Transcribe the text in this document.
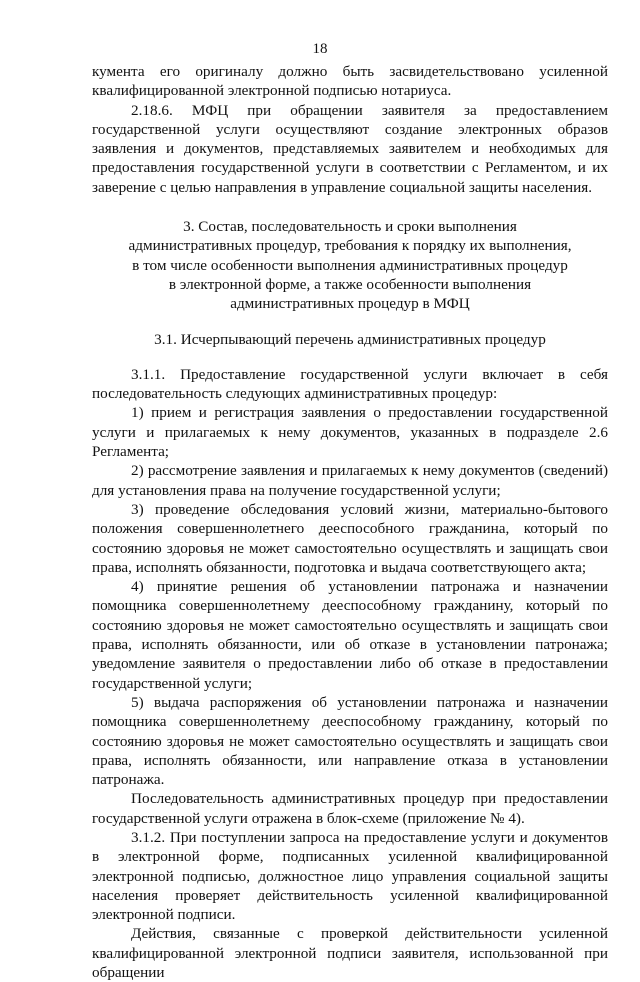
18

кумента его оригиналу должно быть засвидетельствовано усиленной квалифицированной электронной подписью нотариуса.

2.18.6. МФЦ при обращении заявителя за предоставлением государственной услуги осуществляют создание электронных образов заявления и документов, представляемых заявителем и необходимых для предоставления государственной услуги в соответствии с Регламентом, и их заверение с целью направления в управление социальной защиты населения.

3. Состав, последовательность и сроки выполнения
административных процедур, требования к порядку их выполнения,
в том числе особенности выполнения административных процедур
в электронной форме, а также особенности выполнения
административных процедур в МФЦ

3.1. Исчерпывающий перечень административных процедур

3.1.1. Предоставление государственной услуги включает в себя последовательность следующих административных процедур:

1) прием и регистрация заявления о предоставлении государственной услуги и прилагаемых к нему документов, указанных в подразделе 2.6 Регламента;

2) рассмотрение заявления и прилагаемых к нему документов (сведений) для установления права на получение государственной услуги;

3) проведение обследования условий жизни, материально-бытового положения совершеннолетнего дееспособного гражданина, который по состоянию здоровья не может самостоятельно осуществлять и защищать свои права, исполнять обязанности, подготовка и выдача соответствующего акта;

4) принятие решения об установлении патронажа и назначении помощника совершеннолетнему дееспособному гражданину, который по состоянию здоровья не может самостоятельно осуществлять и защищать свои права, исполнять обязанности, или об отказе в установлении патронажа; уведомление заявителя о предоставлении либо об отказе в предоставлении государственной услуги;

5) выдача распоряжения об установлении патронажа и назначении помощника совершеннолетнему дееспособному гражданину, который по состоянию здоровья не может самостоятельно осуществлять и защищать свои права, исполнять обязанности, или направление отказа в установлении патронажа.

Последовательность административных процедур при предоставлении государственной услуги отражена в блок-схеме (приложение № 4).

3.1.2. При поступлении запроса на предоставление услуги и документов в электронной форме, подписанных усиленной квалифицированной электронной подписью, должностное лицо управления социальной защиты населения проверяет действительность усиленной квалифицированной электронной подписи.

Действия, связанные с проверкой действительности усиленной квалифицированной электронной подписи заявителя, использованной при обращении
